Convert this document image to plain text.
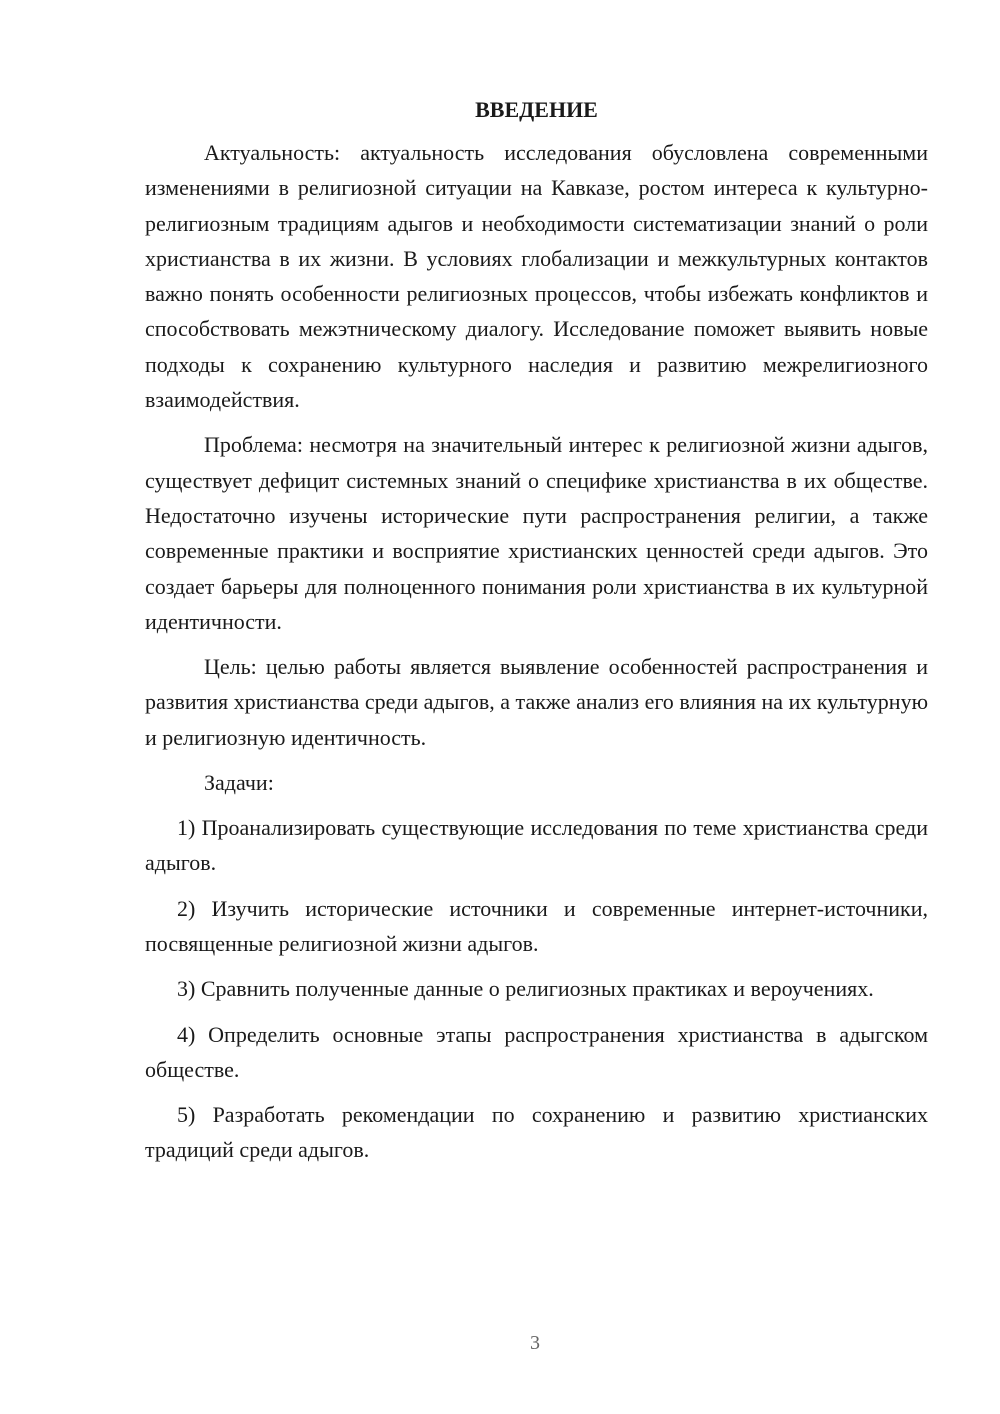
ВВЕДЕНИЕ

Актуальность: актуальность исследования обусловлена современными изменениями в религиозной ситуации на Кавказе, ростом интереса к культурно-религиозным традициям адыгов и необходимости систематизации знаний о роли христианства в их жизни. В условиях глобализации и межкультурных контактов важно понять особенности религиозных процессов, чтобы избежать конфликтов и способствовать межэтническому диалогу. Исследование поможет выявить новые подходы к сохранению культурного наследия и развитию межрелигиозного взаимодействия.

Проблема: несмотря на значительный интерес к религиозной жизни адыгов, существует дефицит системных знаний о специфике христианства в их обществе. Недостаточно изучены исторические пути распространения религии, а также современные практики и восприятие христианских ценностей среди адыгов. Это создает барьеры для полноценного понимания роли христианства в их культурной идентичности.

Цель: целью работы является выявление особенностей распространения и развития христианства среди адыгов, а также анализ его влияния на их культурную и религиозную идентичность.

Задачи:

1) Проанализировать существующие исследования по теме христианства среди адыгов.

2) Изучить исторические источники и современные интернет-источники, посвященные религиозной жизни адыгов.

3) Сравнить полученные данные о религиозных практиках и вероучениях.

4) Определить основные этапы распространения христианства в адыгском обществе.

5) Разработать рекомендации по сохранению и развитию христианских традиций среди адыгов.

3
